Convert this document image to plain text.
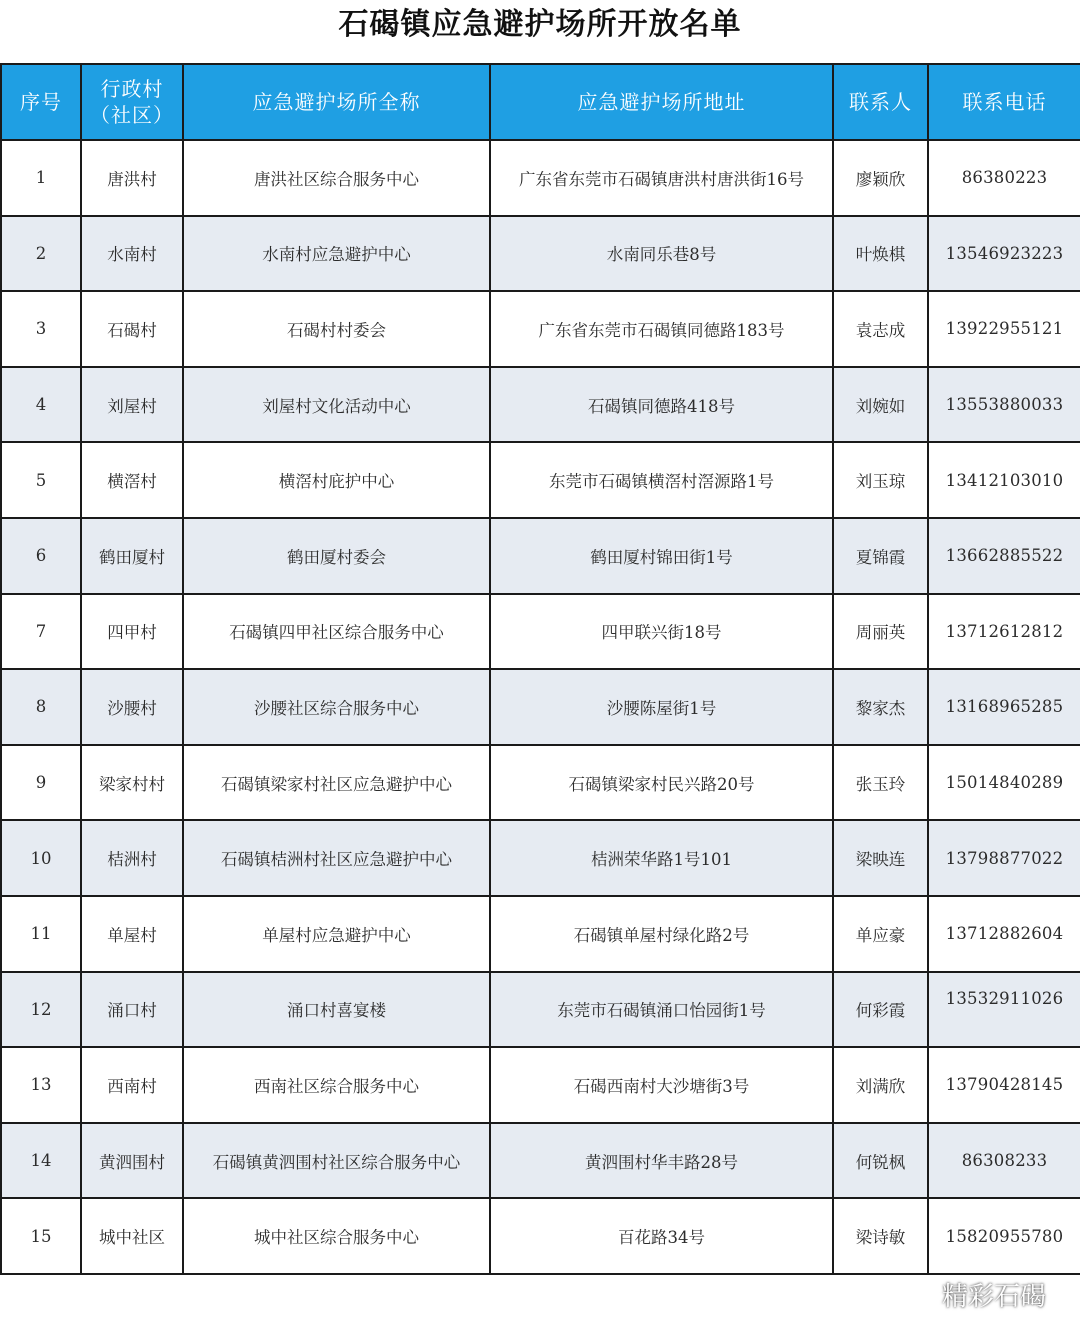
石碣镇应急避护场所开放名单
序号	行政村
（社区）	应急避护场所全称	应急避护场所地址	联系人	联系电话
1	唐洪村	唐洪社区综合服务中心	广东省东莞市石碣镇唐洪村唐洪街16号	廖颖欣	86380223
2	水南村	水南村应急避护中心	水南同乐巷8号	叶焕棋	13546923223
3	石碣村	石碣村村委会	广东省东莞市石碣镇同德路183号	袁志成	13922955121
4	刘屋村	刘屋村文化活动中心	石碣镇同德路418号	刘婉如	13553880033
5	横滘村	横滘村庇护中心	东莞市石碣镇横滘村滘源路1号	刘玉琼	13412103010
6	鹤田厦村	鹤田厦村委会	鹤田厦村锦田街1号	夏锦霞	13662885522
7	四甲村	石碣镇四甲社区综合服务中心	四甲联兴街18号	周丽英	13712612812
8	沙腰村	沙腰社区综合服务中心	沙腰陈屋街1号	黎家杰	13168965285
9	梁家村村	石碣镇梁家村社区应急避护中心	石碣镇梁家村民兴路20号	张玉玲	15014840289
10	桔洲村	石碣镇桔洲村社区应急避护中心	桔洲荣华路1号101	梁映连	13798877022
11	单屋村	单屋村应急避护中心	石碣镇单屋村绿化路2号	单应豪	13712882604
12	涌口村	涌口村喜宴楼	东莞市石碣镇涌口怡园街1号	何彩霞	13532911026
13	西南村	西南社区综合服务中心	石碣西南村大沙塘街3号	刘满欣	13790428145
14	黄泗围村	石碣镇黄泗围村社区综合服务中心	黄泗围村华丰路28号	何锐枫	86308233
15	城中社区	城中社区综合服务中心	百花路34号	梁诗敏	15820955780
精彩石碣
